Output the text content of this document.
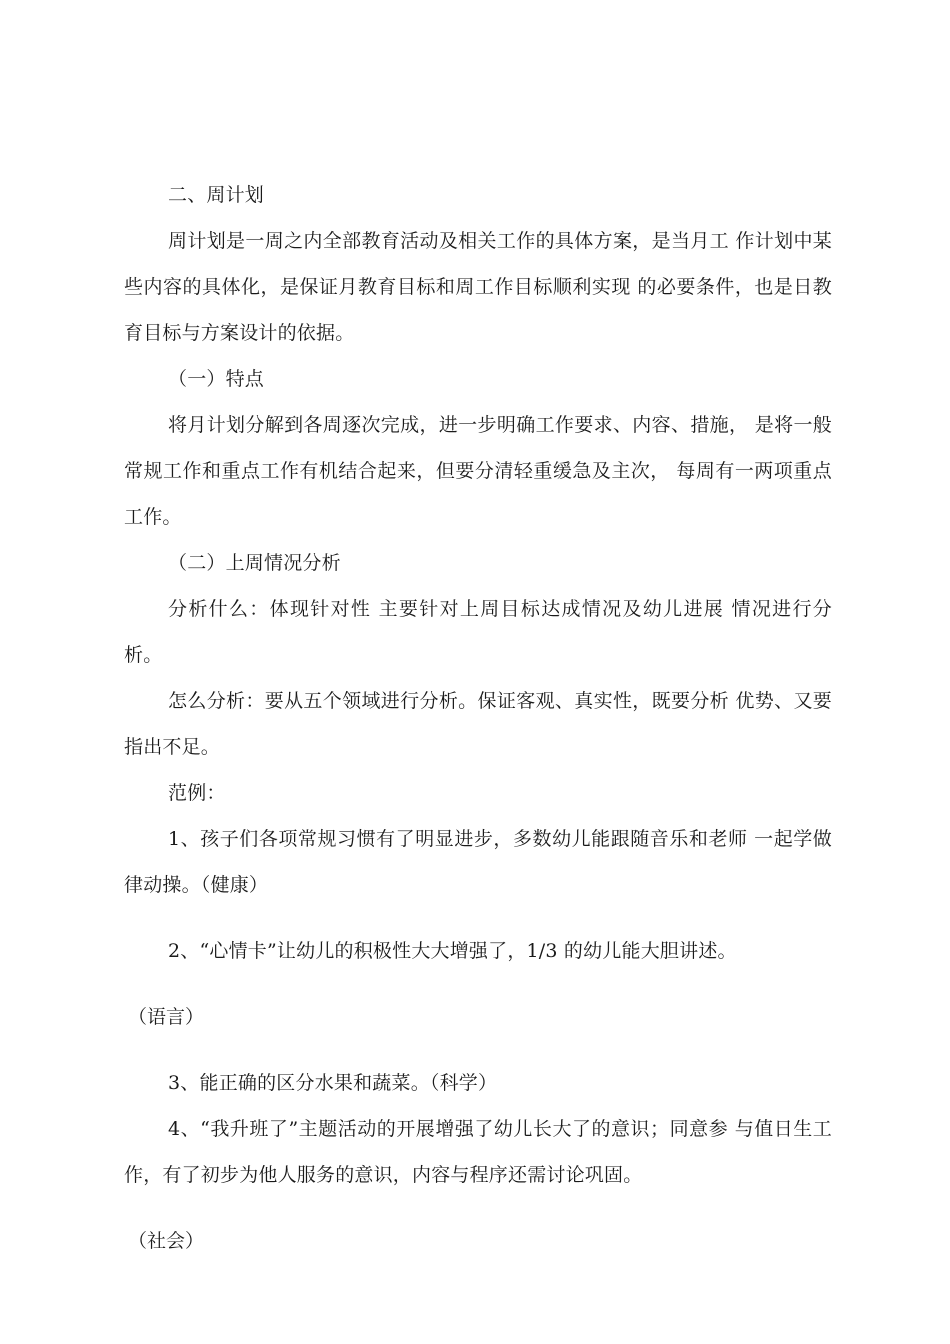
二、周计划

周计划是一周之内全部教育活动及相关工作的具体方案，是当月工 作计划中某些内容的具体化，是保证月教育目标和周工作目标顺利实现 的必要条件，也是日教育目标与方案设计的依据。

（一）特点

将月计划分解到各周逐次完成，进一步明确工作要求、内容、措施， 是将一般常规工作和重点工作有机结合起来，但要分清轻重缓急及主次， 每周有一两项重点工作。

（二）上周情况分析

分析什么：体现针对性 主要针对上周目标达成情况及幼儿进展 情况进行分析。

怎么分析：要从五个领域进行分析。保证客观、真实性，既要分析 优势、又要指出不足。

范例：

1、孩子们各项常规习惯有了明显进步，多数幼儿能跟随音乐和老师 一起学做律动操。（健康）

2、“心情卡”让幼儿的积极性大大增强了，1/3 的幼儿能大胆讲述。

（语言）

3、能正确的区分水果和蔬菜。（科学）

4、“我升班了”主题活动的开展增强了幼儿长大了的意识；同意参 与值日生工作，有了初步为他人服务的意识，内容与程序还需讨论巩固。

（社会）
